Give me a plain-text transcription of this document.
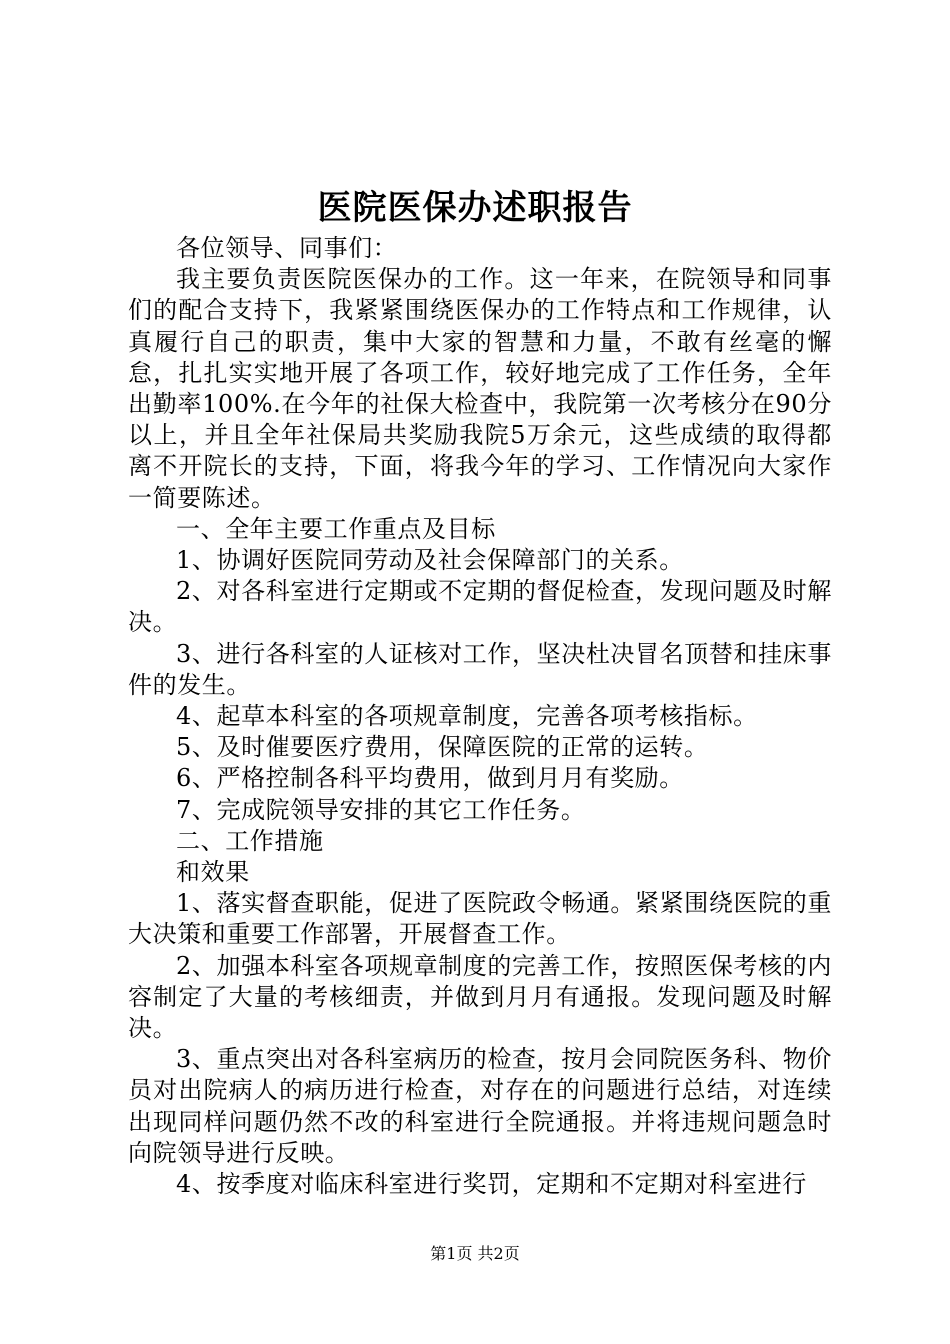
医院医保办述职报告

各位领导、同事们：

我主要负责医院医保办的工作。这一年来，在院领导和同事们的配合支持下，我紧紧围绕医保办的工作特点和工作规律，认真履行自己的职责，集中大家的智慧和力量，不敢有丝毫的懈怠，扎扎实实地开展了各项工作，较好地完成了工作任务，全年出勤率100%.在今年的社保大检查中，我院第一次考核分在90分以上，并且全年社保局共奖励我院5万余元，这些成绩的取得都离不开院长的支持，下面，将我今年的学习、工作情况向大家作一简要陈述。

一、全年主要工作重点及目标

1、协调好医院同劳动及社会保障部门的关系。

2、对各科室进行定期或不定期的督促检查，发现问题及时解决。

3、进行各科室的人证核对工作，坚决杜决冒名顶替和挂床事件的发生。

4、起草本科室的各项规章制度，完善各项考核指标。

5、及时催要医疗费用，保障医院的正常的运转。

6、严格控制各科平均费用，做到月月有奖励。

7、完成院领导安排的其它工作任务。

二、工作措施

和效果

1、落实督查职能，促进了医院政令畅通。紧紧围绕医院的重大决策和重要工作部署，开展督查工作。

2、加强本科室各项规章制度的完善工作，按照医保考核的内容制定了大量的考核细责，并做到月月有通报。发现问题及时解决。

3、重点突出对各科室病历的检查，按月会同院医务科、物价员对出院病人的病历进行检查，对存在的问题进行总结，对连续出现同样问题仍然不改的科室进行全院通报。并将违规问题急时向院领导进行反映。

4、按季度对临床科室进行奖罚，定期和不定期对科室进行

第1页 共2页
